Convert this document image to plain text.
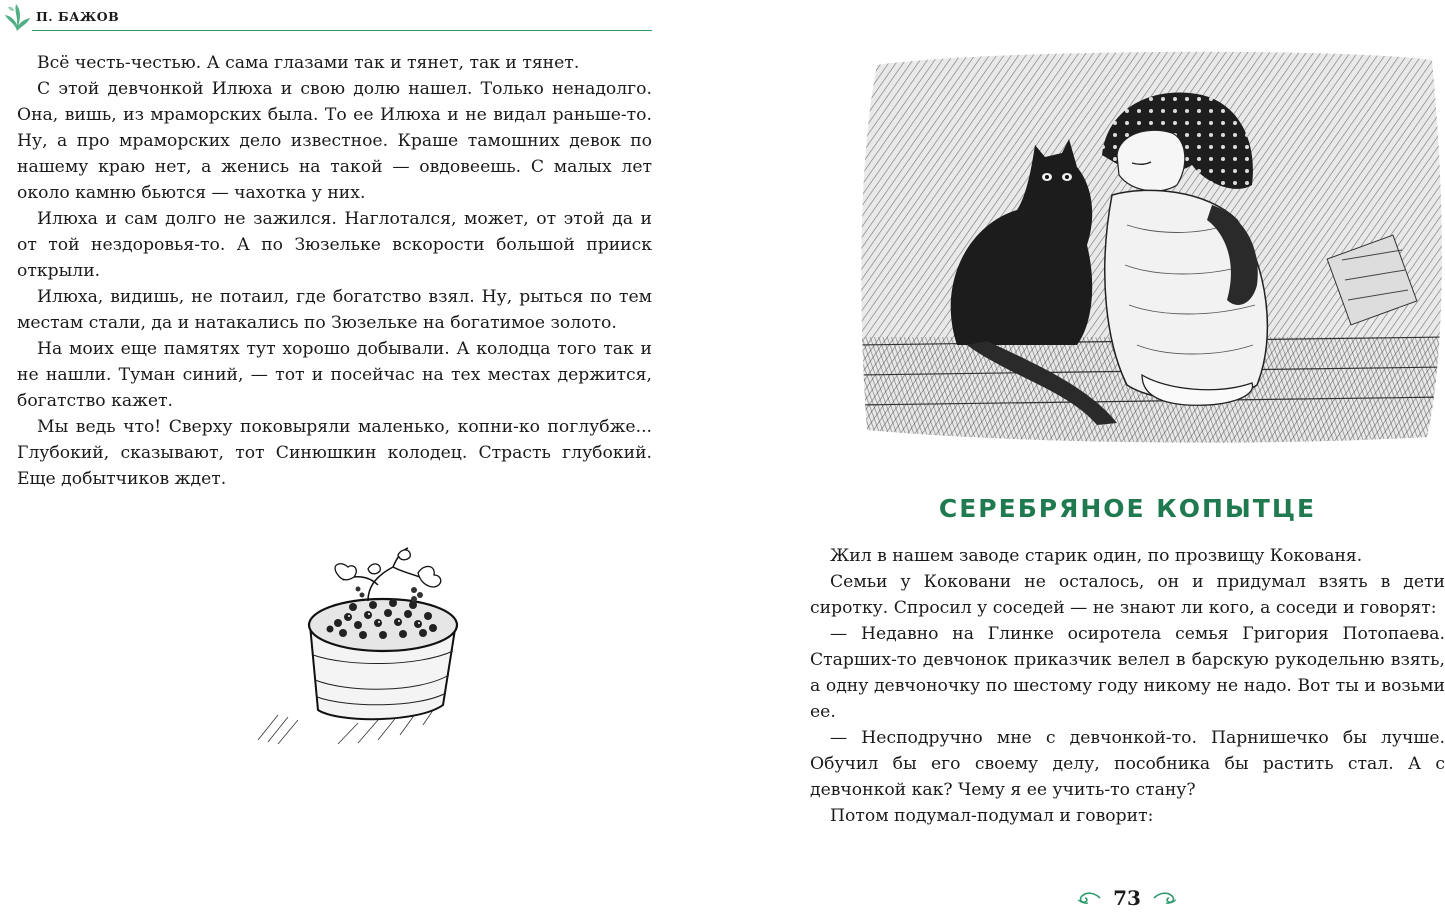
П. БАЖОВ

Всё честь-честью. А сама глазами так и тянет, так и тянет.

С этой девчонкой Илюха и свою долю нашел. Только ненадолго. Она, вишь, из мраморских была. То ее Илюха и не видал раньше-то. Ну, а про мраморских дело известное. Краше тамошних девок по нашему краю нет, а женись на такой — овдовеешь. С малых лет около камню бьются — чахотка у них.

Илюха и сам долго не зажился. Наглотался, может, от этой да и от той нездоровья-то. А по Зюзельке вскорости большой прииск открыли.

Илюха, видишь, не потаил, где богатство взял. Ну, рыться по тем местам стали, да и натакались по Зюзельке на богатимое золото.

На моих еще памятях тут хорошо добывали. А колодца того так и не нашли. Туман синий, — тот и посейчас на тех местах держится, богатство кажет.

Мы ведь что! Сверху поковыряли маленько, копни-ко поглубже... Глубокий, сказывают, тот Синюшкин колодец. Страсть глубокий. Еще добытчиков ждет.

СЕРЕБРЯНОЕ КОПЫТЦЕ

Жил в нашем заводе старик один, по прозвищу Кокованя.

Семьи у Коковани не осталось, он и придумал взять в дети сиротку. Спросил у соседей — не знают ли кого, а соседи и говорят:

— Недавно на Глинке осиротела семья Григория Потопаева. Старших-то девчонок приказчик велел в барскую рукодельню взять, а одну девчоночку по шестому году никому не надо. Вот ты и возьми ее.

— Несподручно мне с девчонкой-то. Парнишечко бы лучше. Обучил бы его своему делу, пособника бы растить стал. А с девчонкой как? Чему я ее учить-то стану?

Потом подумал-подумал и говорит:

73
